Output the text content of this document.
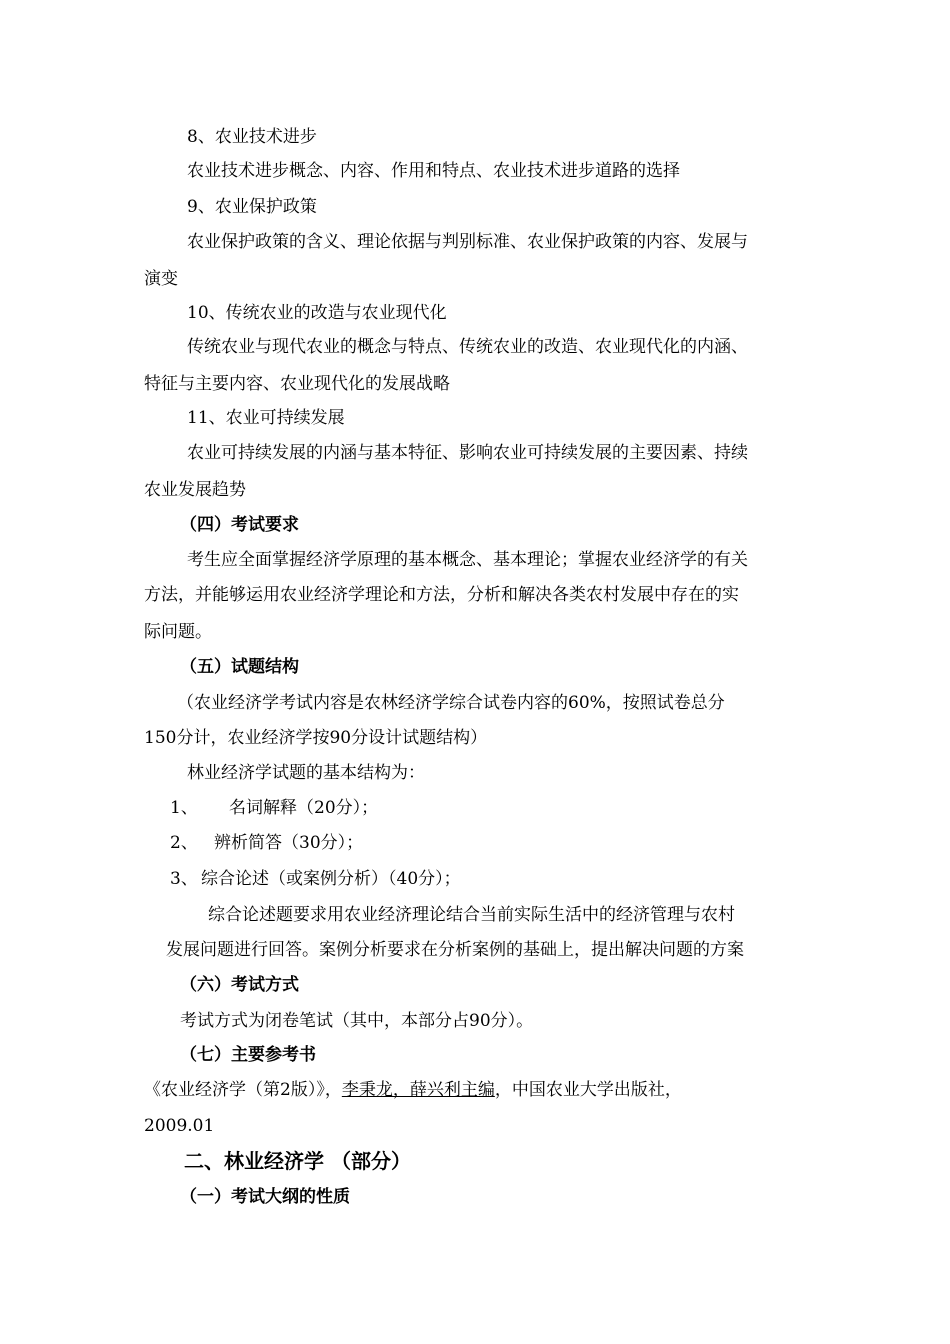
8、农业技术进步
农业技术进步概念、内容、作用和特点、农业技术进步道路的选择
9、农业保护政策
农业保护政策的含义、理论依据与判别标准、农业保护政策的内容、发展与
演变
10、传统农业的改造与农业现代化
传统农业与现代农业的概念与特点、传统农业的改造、农业现代化的内涵、
特征与主要内容、农业现代化的发展战略
11、农业可持续发展
农业可持续发展的内涵与基本特征、影响农业可持续发展的主要因素、持续
农业发展趋势
（四）考试要求
考生应全面掌握经济学原理的基本概念、基本理论；掌握农业经济学的有关
方法，并能够运用农业经济学理论和方法，分析和解决各类农村发展中存在的实
际问题。
（五）试题结构
（农业经济学考试内容是农林经济学综合试卷内容的60%，按照试卷总分
150分计，农业经济学按90分设计试题结构）
林业经济学试题的基本结构为：
1、 名词解释（20分）；
2、 辨析简答（30分）；
3、 综合论述（或案例分析）（40分）；
综合论述题要求用农业经济理论结合当前实际生活中的经济管理与农村
发展问题进行回答。案例分析要求在分析案例的基础上，提出解决问题的方案
（六）考试方式
考试方式为闭卷笔试（其中，本部分占90分）。
（七）主要参考书
《农业经济学（第2版）》，李秉龙，薛兴利主编，中国农业大学出版社，
2009.01
二、林业经济学 （部分）
（一）考试大纲的性质
